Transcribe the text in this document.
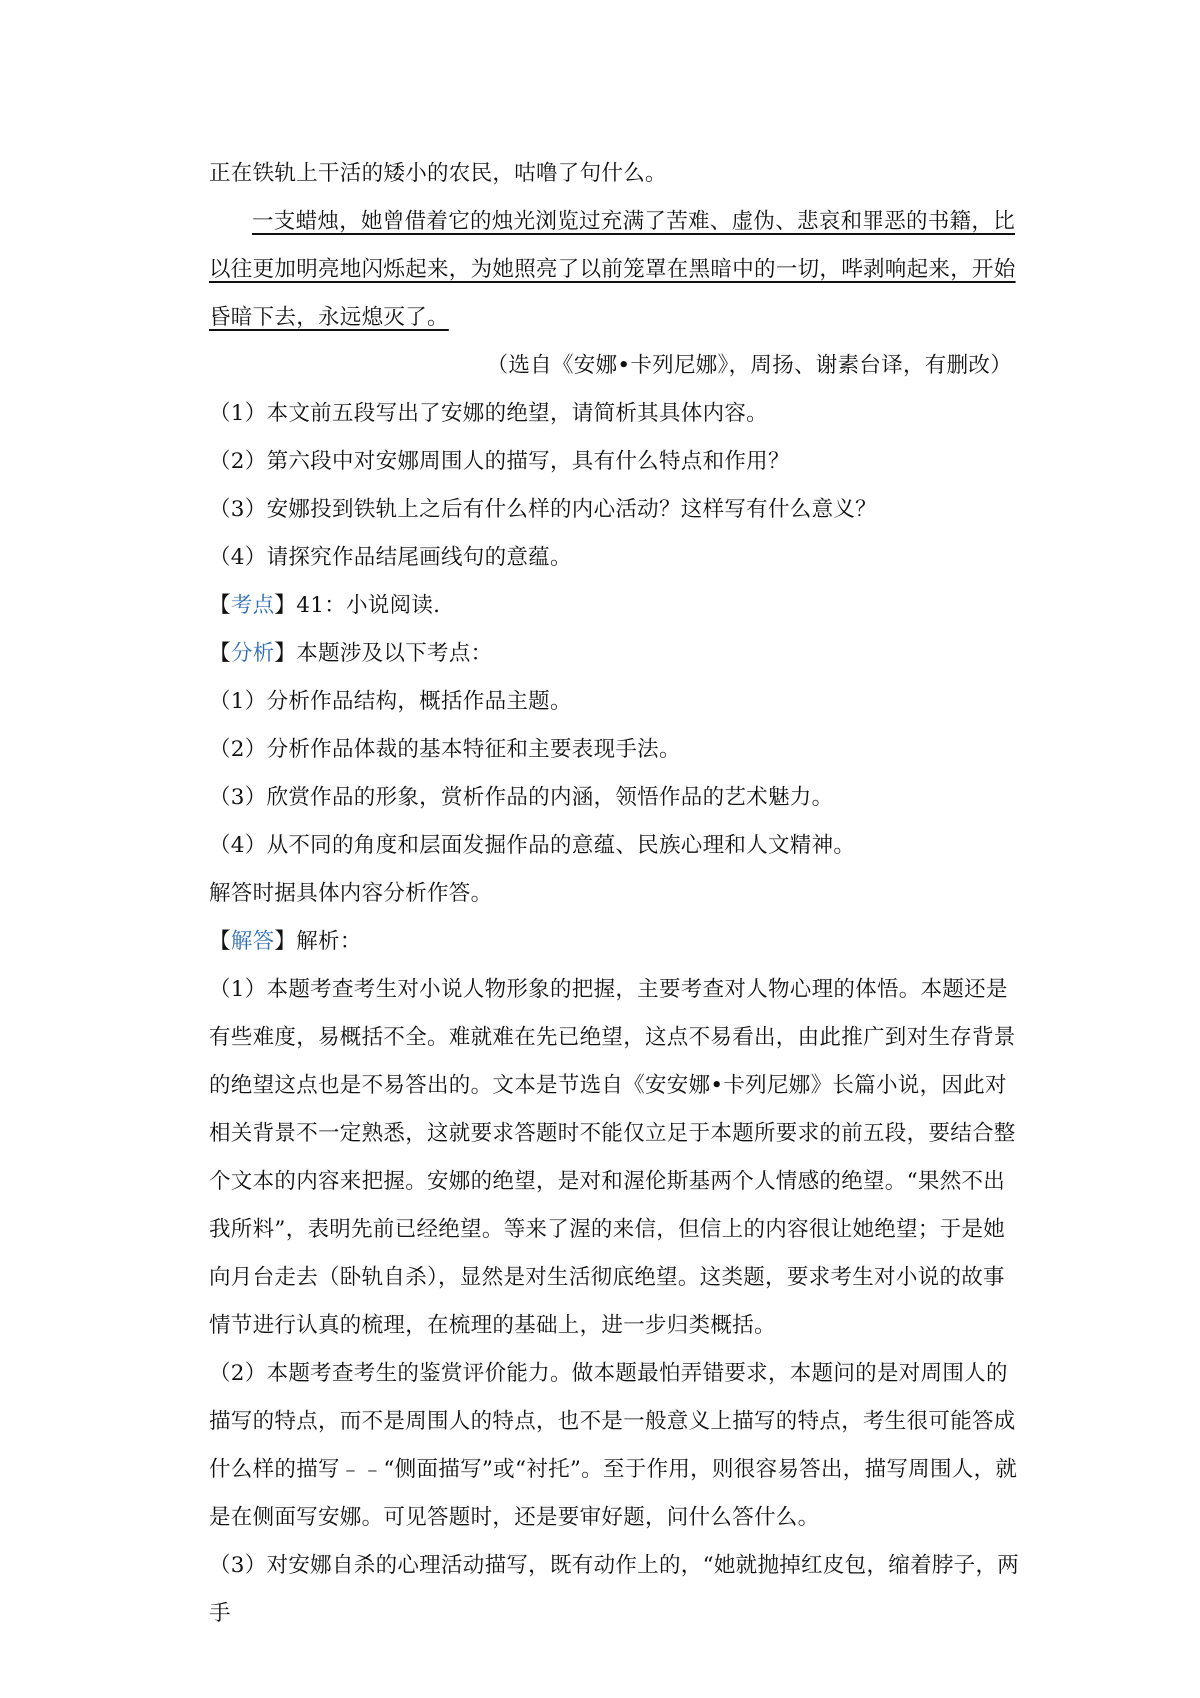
正在铁轨上干活的矮小的农民，咕噜了句什么。

一支蜡烛，她曾借着它的烛光浏览过充满了苦难、虚伪、悲哀和罪恶的书籍，比以往更加明亮地闪烁起来，为她照亮了以前笼罩在黑暗中的一切，哔剥响起来，开始昏暗下去，永远熄灭了。

（选自《安娜•卡列尼娜》，周扬、谢素台译，有删改）

（1）本文前五段写出了安娜的绝望，请简析其具体内容。

（2）第六段中对安娜周围人的描写，具有什么特点和作用？

（3）安娜投到铁轨上之后有什么样的内心活动？这样写有什么意义？

（4）请探究作品结尾画线句的意蕴。

【考点】41：小说阅读．

【分析】本题涉及以下考点：

（1）分析作品结构，概括作品主题。

（2）分析作品体裁的基本特征和主要表现手法。

（3）欣赏作品的形象，赏析作品的内涵，领悟作品的艺术魅力。

（4）从不同的角度和层面发掘作品的意蕴、民族心理和人文精神。

解答时据具体内容分析作答。

【解答】解析：

（1）本题考查考生对小说人物形象的把握，主要考查对人物心理的体悟。本题还是有些难度，易概括不全。难就难在先已绝望，这点不易看出，由此推广到对生存背景的绝望这点也是不易答出的。文本是节选自《安安娜•卡列尼娜》长篇小说，因此对相关背景不一定熟悉，这就要求答题时不能仅立足于本题所要求的前五段，要结合整个文本的内容来把握。安娜的绝望，是对和渥伦斯基两个人情感的绝望。“果然不出我所料”，表明先前已经绝望。等来了渥的来信，但信上的内容很让她绝望；于是她向月台走去（卧轨自杀），显然是对生活彻底绝望。这类题，要求考生对小说的故事情节进行认真的梳理，在梳理的基础上，进一步归类概括。

（2）本题考查考生的鉴赏评价能力。做本题最怕弄错要求，本题问的是对周围人的描写的特点，而不是周围人的特点，也不是一般意义上描写的特点，考生很可能答成什么样的描写﹣﹣“侧面描写”或“衬托”。至于作用，则很容易答出，描写周围人，就是在侧面写安娜。可见答题时，还是要审好题，问什么答什么。

（3）对安娜自杀的心理活动描写，既有动作上的，“她就抛掉红皮包，缩着脖子，两手
